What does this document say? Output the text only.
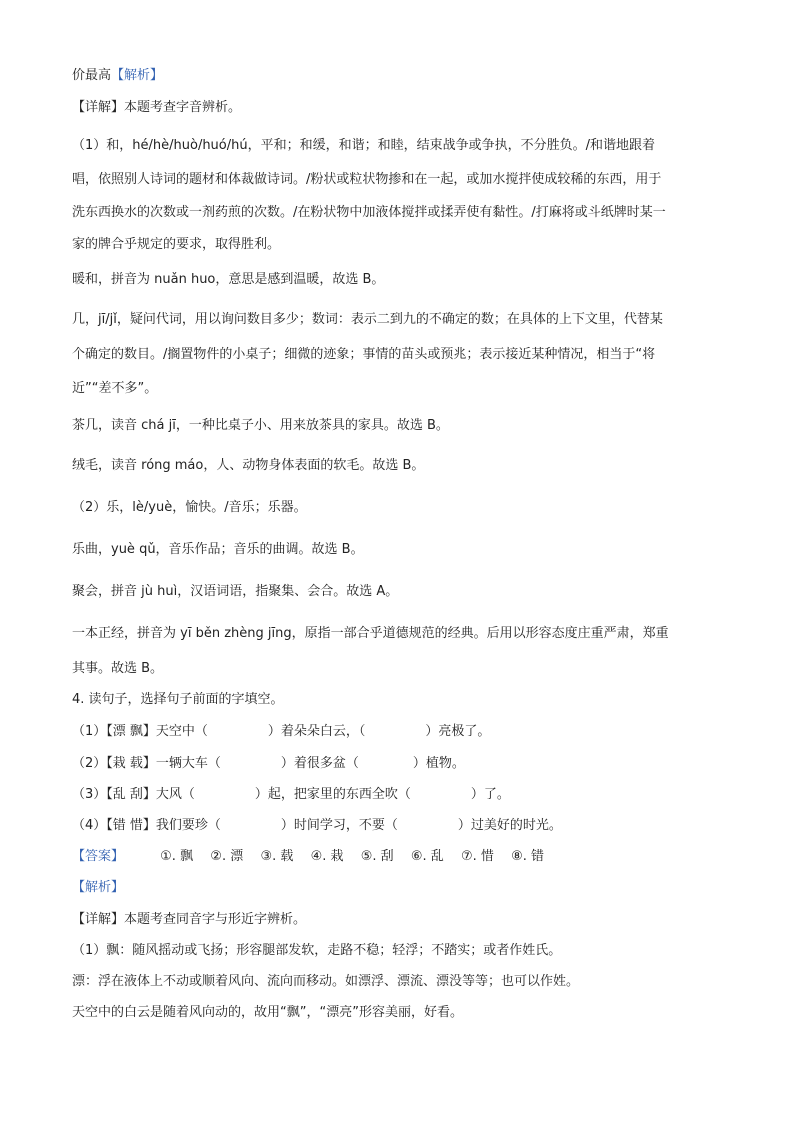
价最高【解析】
【详解】本题考查字音辨析。
（1）和，hé/hè/huò/huó/hú，平和；和缓，和谐；和睦，结束战争或争执，不分胜负。/和谐地跟着
唱，依照别人诗词的题材和体裁做诗词。/粉状或粒状物掺和在一起，或加水搅拌使成较稀的东西，用于
洗东西换水的次数或一剂药煎的次数。/在粉状物中加液体搅拌或揉弄使有黏性。/打麻将或斗纸牌时某一
家的牌合乎规定的要求，取得胜利。
暖和，拼音为 nuǎn huo，意思是感到温暖，故选 B。
几，jī/jǐ，疑问代词，用以询问数目多少；数词：表示二到九的不确定的数；在具体的上下文里，代替某
个确定的数目。/搁置物件的小桌子；细微的迹象；事情的苗头或预兆；表示接近某种情况，相当于“将
近”“差不多”。
茶几，读音 chá jī，一种比桌子小、用来放茶具的家具。故选 B。
绒毛，读音 róng máo，人、动物身体表面的软毛。故选 B。
（2）乐，lè/yuè，愉快。/音乐；乐器。
乐曲，yuè qǔ，音乐作品；音乐的曲调。故选 B。
聚会，拼音 jù huì，汉语词语，指聚集、会合。故选 A。
一本正经，拼音为 yī běn zhèng jīng，原指一部合乎道德规范的经典。后用以形容态度庄重严肃，郑重
其事。故选 B。
4. 读句子，选择句子前面的字填空。
（1）【漂 飘】天空中（	）着朵朵白云，（	）亮极了。
（2）【栽 载】一辆大车（	）着很多盆（	）植物。
（3）【乱 刮】大风（	）起，把家里的东西全吹（	）了。
（4）【错 惜】我们要珍（	）时间学习，不要（	）过美好的时光。
【答案】	①. 飘 ②. 漂 ③. 载 ④. 栽 ⑤. 刮 ⑥. 乱 ⑦. 惜 ⑧. 错
【解析】
【详解】本题考查同音字与形近字辨析。
（1）飘：随风摇动或飞扬；形容腿部发软，走路不稳；轻浮；不踏实；或者作姓氏。
漂：浮在液体上不动或顺着风向、流向而移动。如漂浮、漂流、漂没等等；也可以作姓。
天空中的白云是随着风向动的，故用“飘”，“漂亮”形容美丽，好看。
